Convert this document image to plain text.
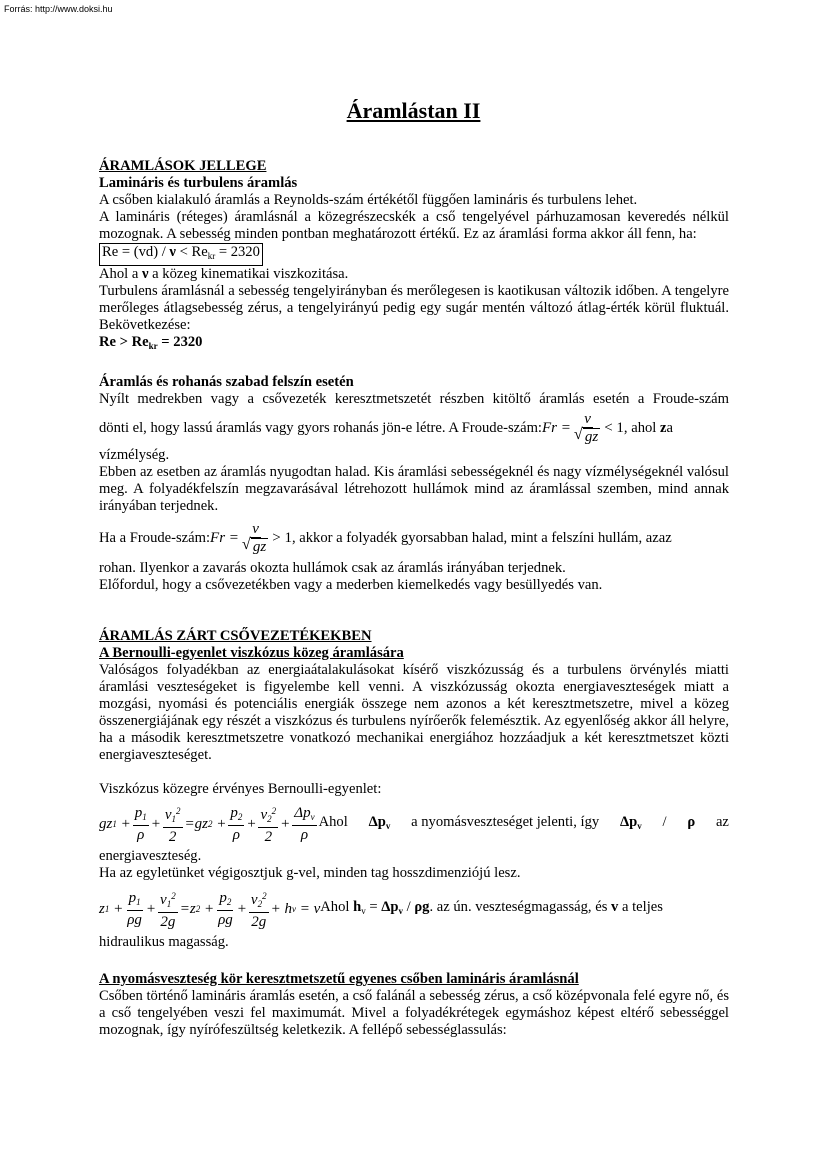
Forrás: http://www.doksi.hu
Áramlástan II
ÁRAMLÁSOK JELLEGE
Lamináris és turbulens áramlás

A csőben kialakuló áramlás a Reynolds-szám értékétől függően lamináris és turbulens lehet.

A lamináris (réteges) áramlásnál a közegrészecskék a cső tengelyével párhuzamosan keveredés nélkül

mozognak. A sebesség minden pontban meghatározott értékű. Ez az áramlási forma akkor áll fenn, ha:

$Re = (vd) / \nu < Re_{kr} = 2320$

Ahol a ν a közeg kinematikai viszkozitása.

Turbulens áramlásnál a sebesség tengelyirányban és merőlegesen is kaotikusan változik időben. A tengelyre merőleges átlagsebesség zérus, a tengelyirányú pedig egy sugár mentén változó átlag-érték körül fluktuál. Bekövetkezése:

$Re > Re_{kr} = 2320$
Áramlás és rohanás szabad felszín esetén

Nyílt medrekben vagy a csővezeték keresztmetszetét részben kitöltő áramlás esetén a Froude-szám

dönti el, hogy lassú áramlás vagy gyors rohanás jön-e létre. A Froude-szám: Fr = v
√ gz < 1 , ahol
z a

vízmélység.

Ebben az esetben az áramlás nyugodtan halad. Kis áramlási sebességeknél és nagy vízmélységeknél valósul meg. A folyadékfelszín megzavarásával létrehozott hullámok mind az áramlással szemben, mind annak irányában terjednek.

Ha a Froude-szám: Fr = v
√ gz > 1 , akkor a folyadék gyorsabban halad, mint a felszíni hullám, azaz

rohan. Ilyenkor a zavarás okozta hullámok csak az áramlás irányában terjednek.

Előfordul, hogy a csővezetékben vagy a mederben kiemelkedés vagy besüllyedés van.

ÁRAMLÁS ZÁRT CSŐVEZETÉKEKBEN
A Bernoulli-egyenlet viszkózus közeg áramlására

Valóságos folyadékban az energiaátalakulásokat kísérő viszkózusság és a turbulens örvénylés miatti áramlási veszteségeket is figyelembe kell venni. A viszkózusság okozta energiaveszteségek miatt a mozgási, nyomási és potenciális energiák összege nem azonos a két keresztmetszetre, mivel a közeg összenergiájának egy részét a viszkózus és turbulens nyírőerők felemésztik. Az egyenlőség akkor áll helyre, ha a második keresztmetszetre vonatkozó mechanikai energiához hozzáadjuk a két keresztmetszet közti energiaveszteséget.

Viszkózus közegre érvényes Bernoulli-egyenlet:

g z $1 + \frac{p_1}{\rho} + \frac{v_1^2}{2} = g$ z $2 + \frac{p_2}{\rho} + \frac{v_2^2}{2} + \frac{\Delta p_v}{\rho}$ Ahol $\Delta p_v$ a nyomásveszteséget jelenti, így $\Delta p_v$ / ρ az

energiaveszteség.

Ha az egyletünket végigosztjuk g-vel, minden tag hosszdimenziójú lesz.

z $1 + \frac{p_1}{\rho g} + \frac{v_1^2}{2g} = z$ $2 + \frac{p_2}{\rho g} + \frac{v_2^2}{2g} + h$ v = ν Ahol $h_v = \Delta p_v / \rho g$. az ún. veszteségmagasság, és v a teljes

hidraulikus magasság.

A nyomásveszteség kör keresztmetszetű egyenes csőben lamináris áramlásnál

Csőben történő lamináris áramlás esetén, a cső falánál a sebesség zérus, a cső középvonala felé egyre nő, és a cső tengelyében veszi fel maximumát. Mivel a folyadékrétegek egymáshoz képest eltérő sebességgel mozognak, így nyírófeszültség keletkezik. A fellépő sebességlassulás:
